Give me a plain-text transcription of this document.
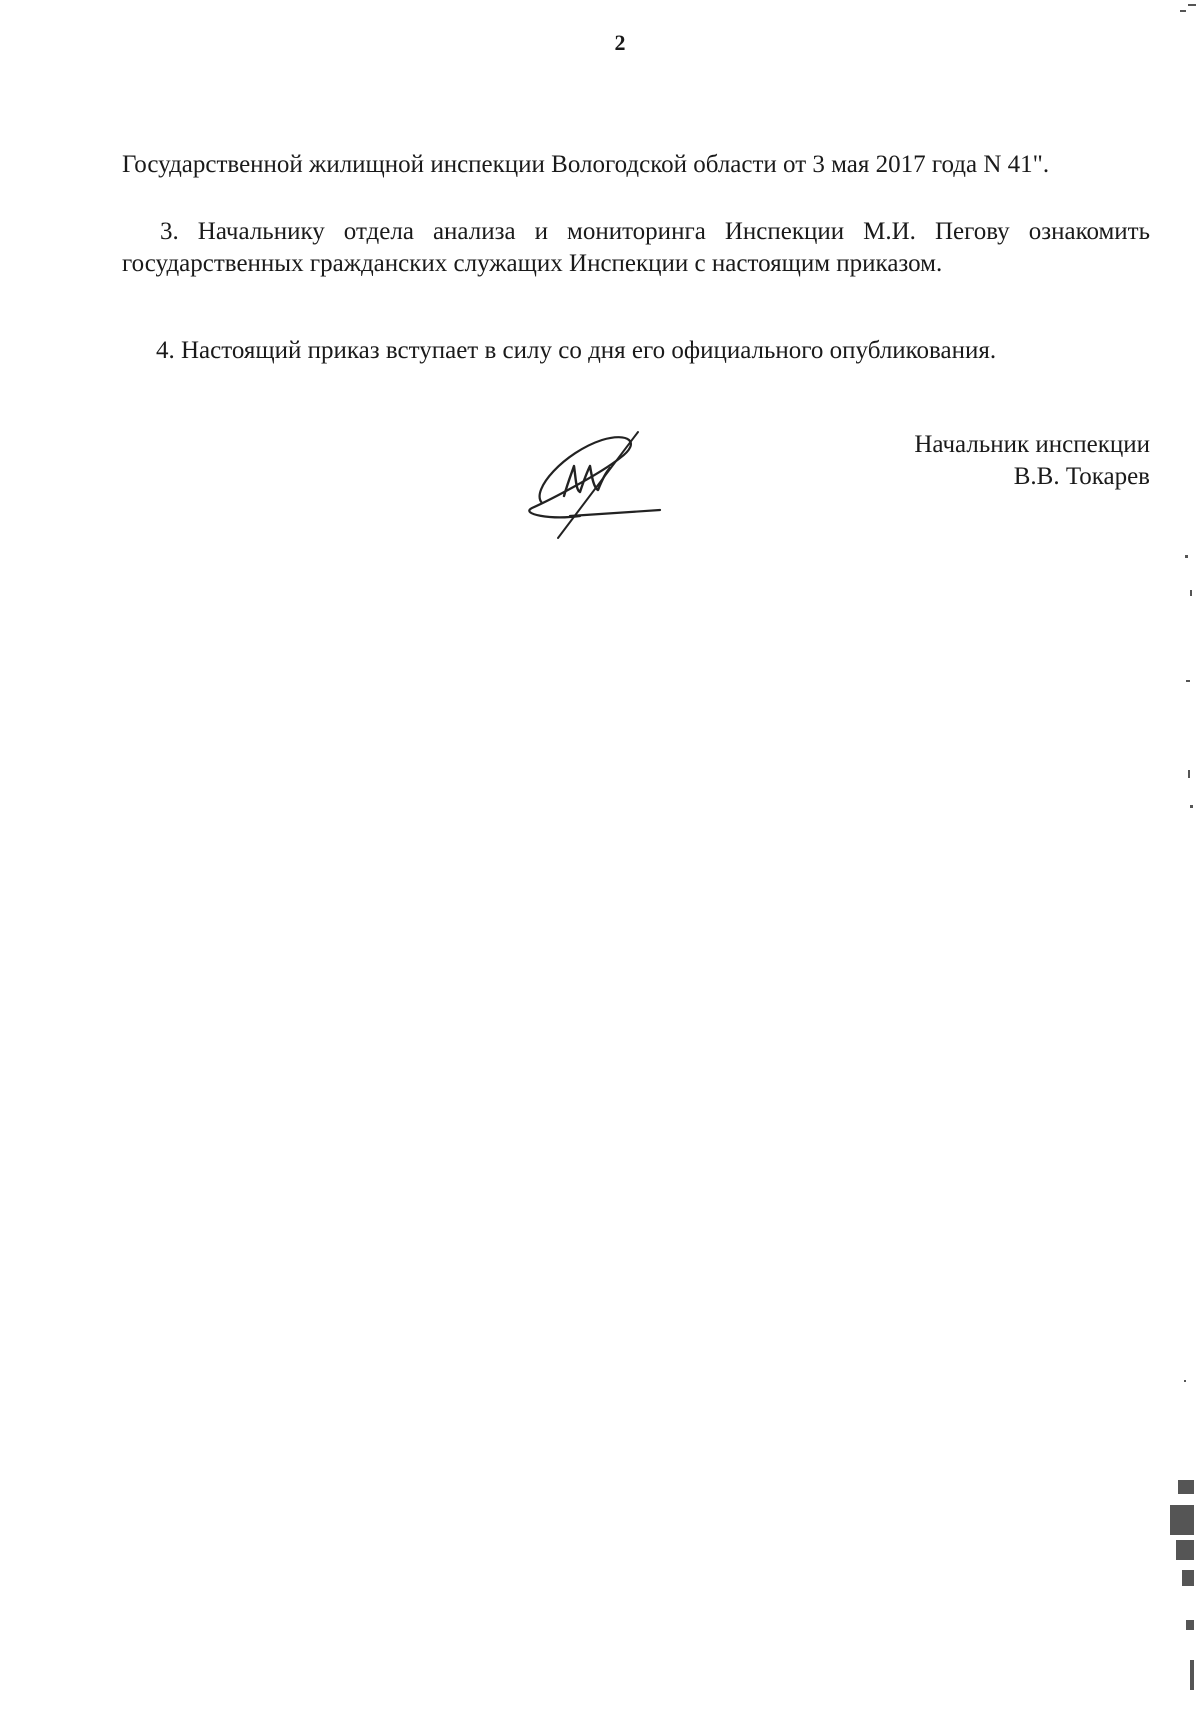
2
Государственной жилищной инспекции Вологодской области от 3 мая 2017 года N 41".
3. Начальнику отдела анализа и мониторинга Инспекции М.И. Пегову ознакомить государственных гражданских служащих Инспекции с настоящим приказом.
4. Настоящий приказ вступает в силу со дня его официального опубликования.
Начальник инспекции
В.В. Токарев
